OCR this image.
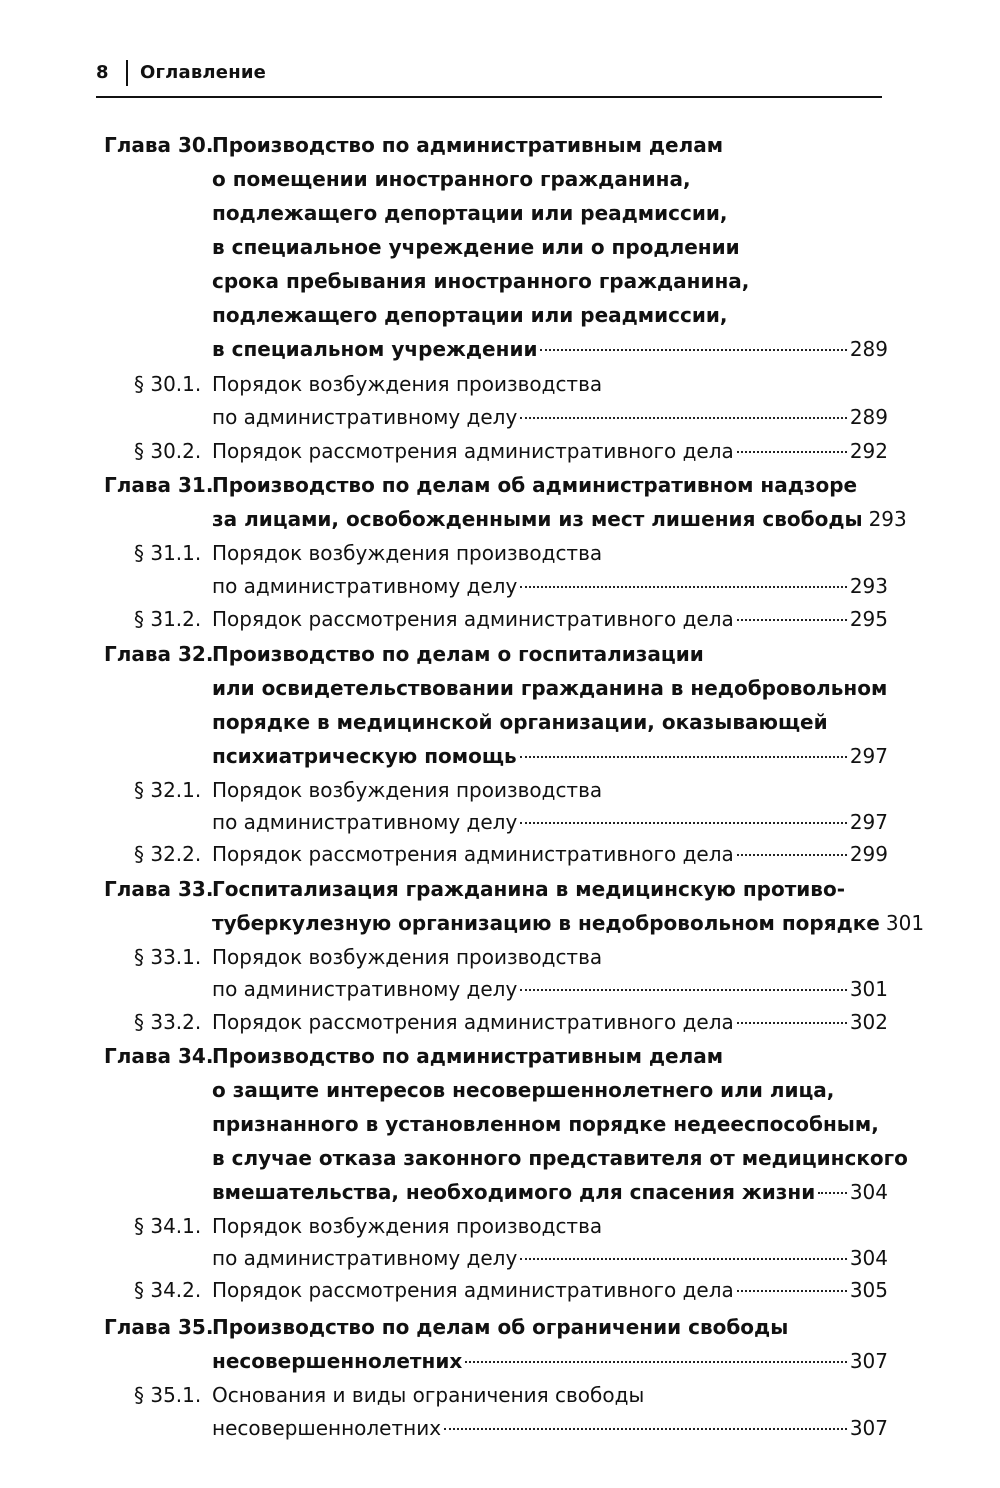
8 Оглавление
Глава 30.
Производство по административным делам
о помещении иностранного гражданина,
подлежащего депортации или реадмиссии,
в специальное учреждение или о продлении
срока пребывания иностранного гражданина,
подлежащего депортации или реадмиссии,
в специальном учреждении	289
§ 30.1. Порядок возбуждения производства
по административному делу	289
§ 30.2. Порядок рассмотрения административного дела	292
Глава 31.
Производство по делам об административном надзоре
за лицами, освобожденными из мест лишения свободы 293
§ 31.1. Порядок возбуждения производства
по административному делу	293
§ 31.2. Порядок рассмотрения административного дела	295
Глава 32.
Производство по делам о госпитализации
или освидетельствовании гражданина в недобровольном
порядке в медицинской организации, оказывающей
психиатрическую помощь	297
§ 32.1. Порядок возбуждения производства
по административному делу	297
§ 32.2. Порядок рассмотрения административного дела	299
Глава 33.
Госпитализация гражданина в медицинскую противо-
туберкулезную организацию в недобровольном порядке 301
§ 33.1. Порядок возбуждения производства
по административному делу	301
§ 33.2. Порядок рассмотрения административного дела	302
Глава 34.
Производство по административным делам
о защите интересов несовершеннолетнего или лица,
признанного в установленном порядке недееспособным,
в случае отказа законного представителя от медицинского
вмешательства, необходимого для спасения жизни 304
§ 34.1. Порядок возбуждения производства
по административному делу	304
§ 34.2. Порядок рассмотрения административного дела	305
Глава 35.
Производство по делам об ограничении свободы
несовершеннолетних	307
§ 35.1. Основания и виды ограничения свободы
несовершеннолетних	307
